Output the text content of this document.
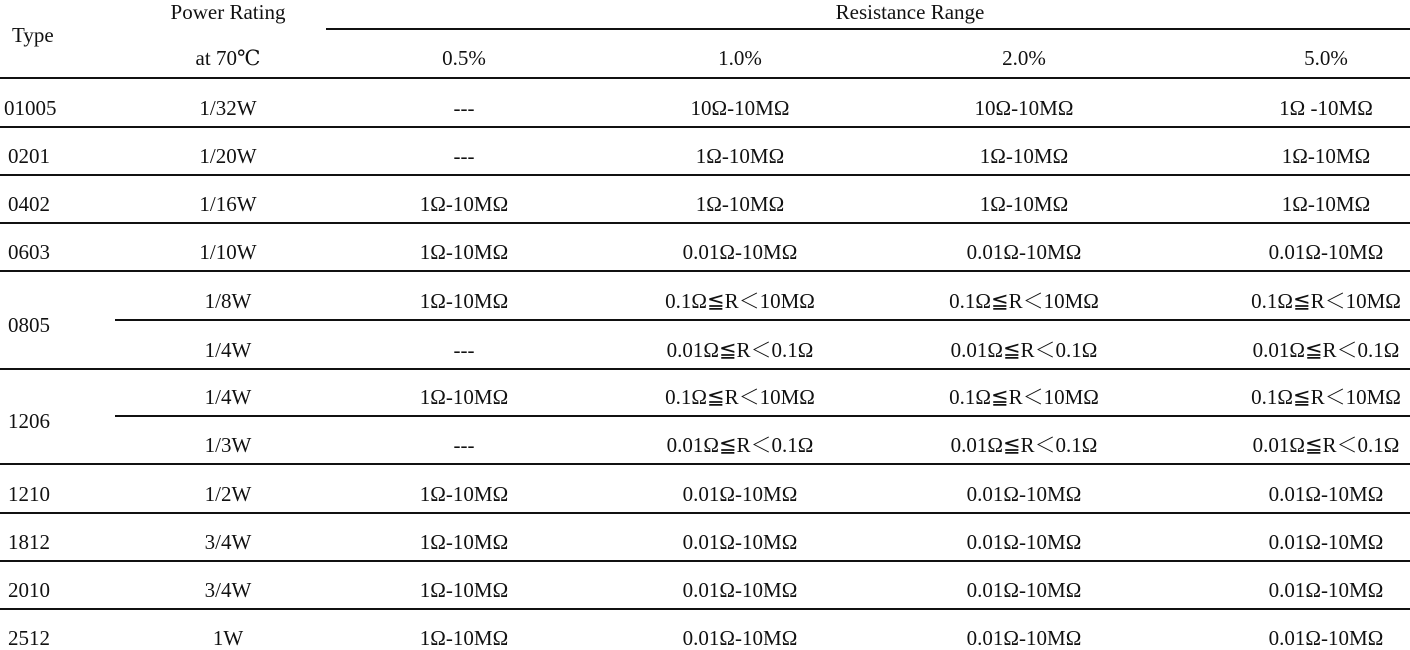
Type
Power Rating
at 70℃
Resistance Range
0.5%	1.0%	2.0%	5.0%
01005	1/32W	---	10Ω-10MΩ	10Ω-10MΩ	1Ω -10MΩ
0201	1/20W	---	1Ω-10MΩ	1Ω-10MΩ	1Ω-10MΩ
0402	1/16W	1Ω-10MΩ	1Ω-10MΩ	1Ω-10MΩ	1Ω-10MΩ
0603	1/10W	1Ω-10MΩ	0.01Ω-10MΩ	0.01Ω-10MΩ	0.01Ω-10MΩ
0805
1/8W	1Ω-10MΩ	0.1Ω≦R＜10MΩ	0.1Ω≦R＜10MΩ	0.1Ω≦R＜10MΩ
1/4W	---	0.01Ω≦R＜0.1Ω	0.01Ω≦R＜0.1Ω	0.01Ω≦R＜0.1Ω
1206
1/4W	1Ω-10MΩ	0.1Ω≦R＜10MΩ	0.1Ω≦R＜10MΩ	0.1Ω≦R＜10MΩ
1/3W	---	0.01Ω≦R＜0.1Ω	0.01Ω≦R＜0.1Ω	0.01Ω≦R＜0.1Ω
1210	1/2W	1Ω-10MΩ	0.01Ω-10MΩ	0.01Ω-10MΩ	0.01Ω-10MΩ
1812	3/4W	1Ω-10MΩ	0.01Ω-10MΩ	0.01Ω-10MΩ	0.01Ω-10MΩ
2010	3/4W	1Ω-10MΩ	0.01Ω-10MΩ	0.01Ω-10MΩ	0.01Ω-10MΩ
2512	1W	1Ω-10MΩ	0.01Ω-10MΩ	0.01Ω-10MΩ	0.01Ω-10MΩ
